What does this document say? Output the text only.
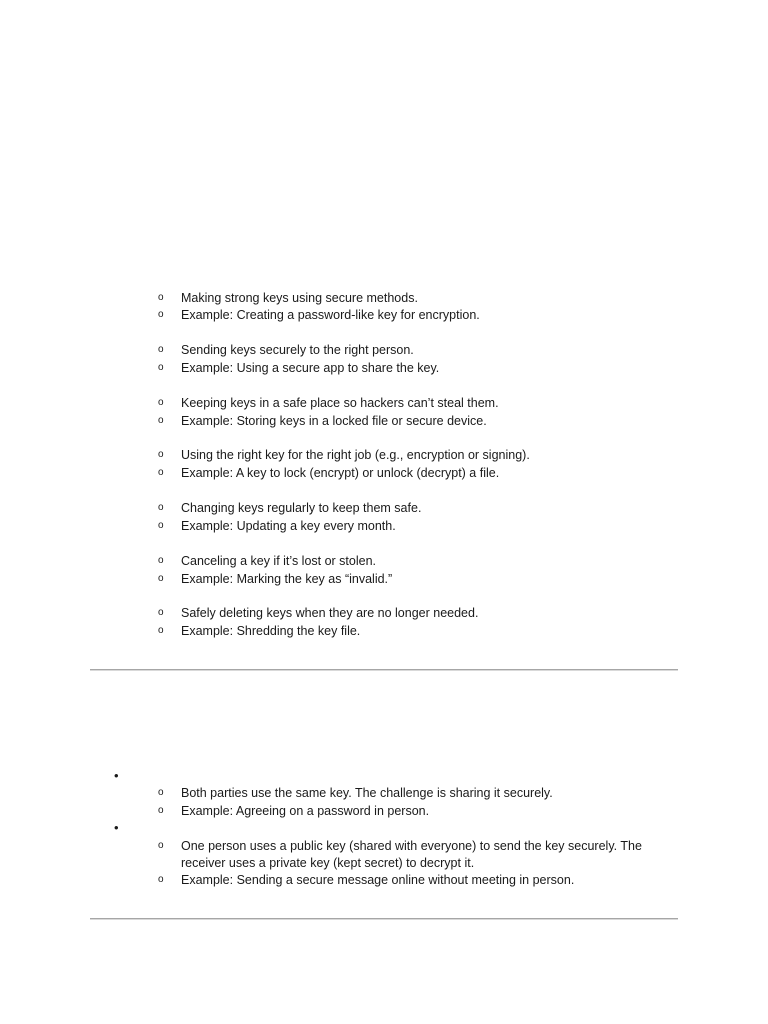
o Making strong keys using secure methods.
o Example: Creating a password-like key for encryption.
o Sending keys securely to the right person.
o Example: Using a secure app to share the key.
o Keeping keys in a safe place so hackers can’t steal them.
o Example: Storing keys in a locked file or secure device.
o Using the right key for the right job (e.g., encryption or signing).
o Example: A key to lock (encrypt) or unlock (decrypt) a file.
o Changing keys regularly to keep them safe.
o Example: Updating a key every month.
o Canceling a key if it’s lost or stolen.
o Example: Marking the key as “invalid.”
o Safely deleting keys when they are no longer needed.
o Example: Shredding the key file.
•
o Both parties use the same key. The challenge is sharing it securely.
o Example: Agreeing on a password in person.
•
o One person uses a public key (shared with everyone) to send the key securely. The
receiver uses a private key (kept secret) to decrypt it.
o Example: Sending a secure message online without meeting in person.
